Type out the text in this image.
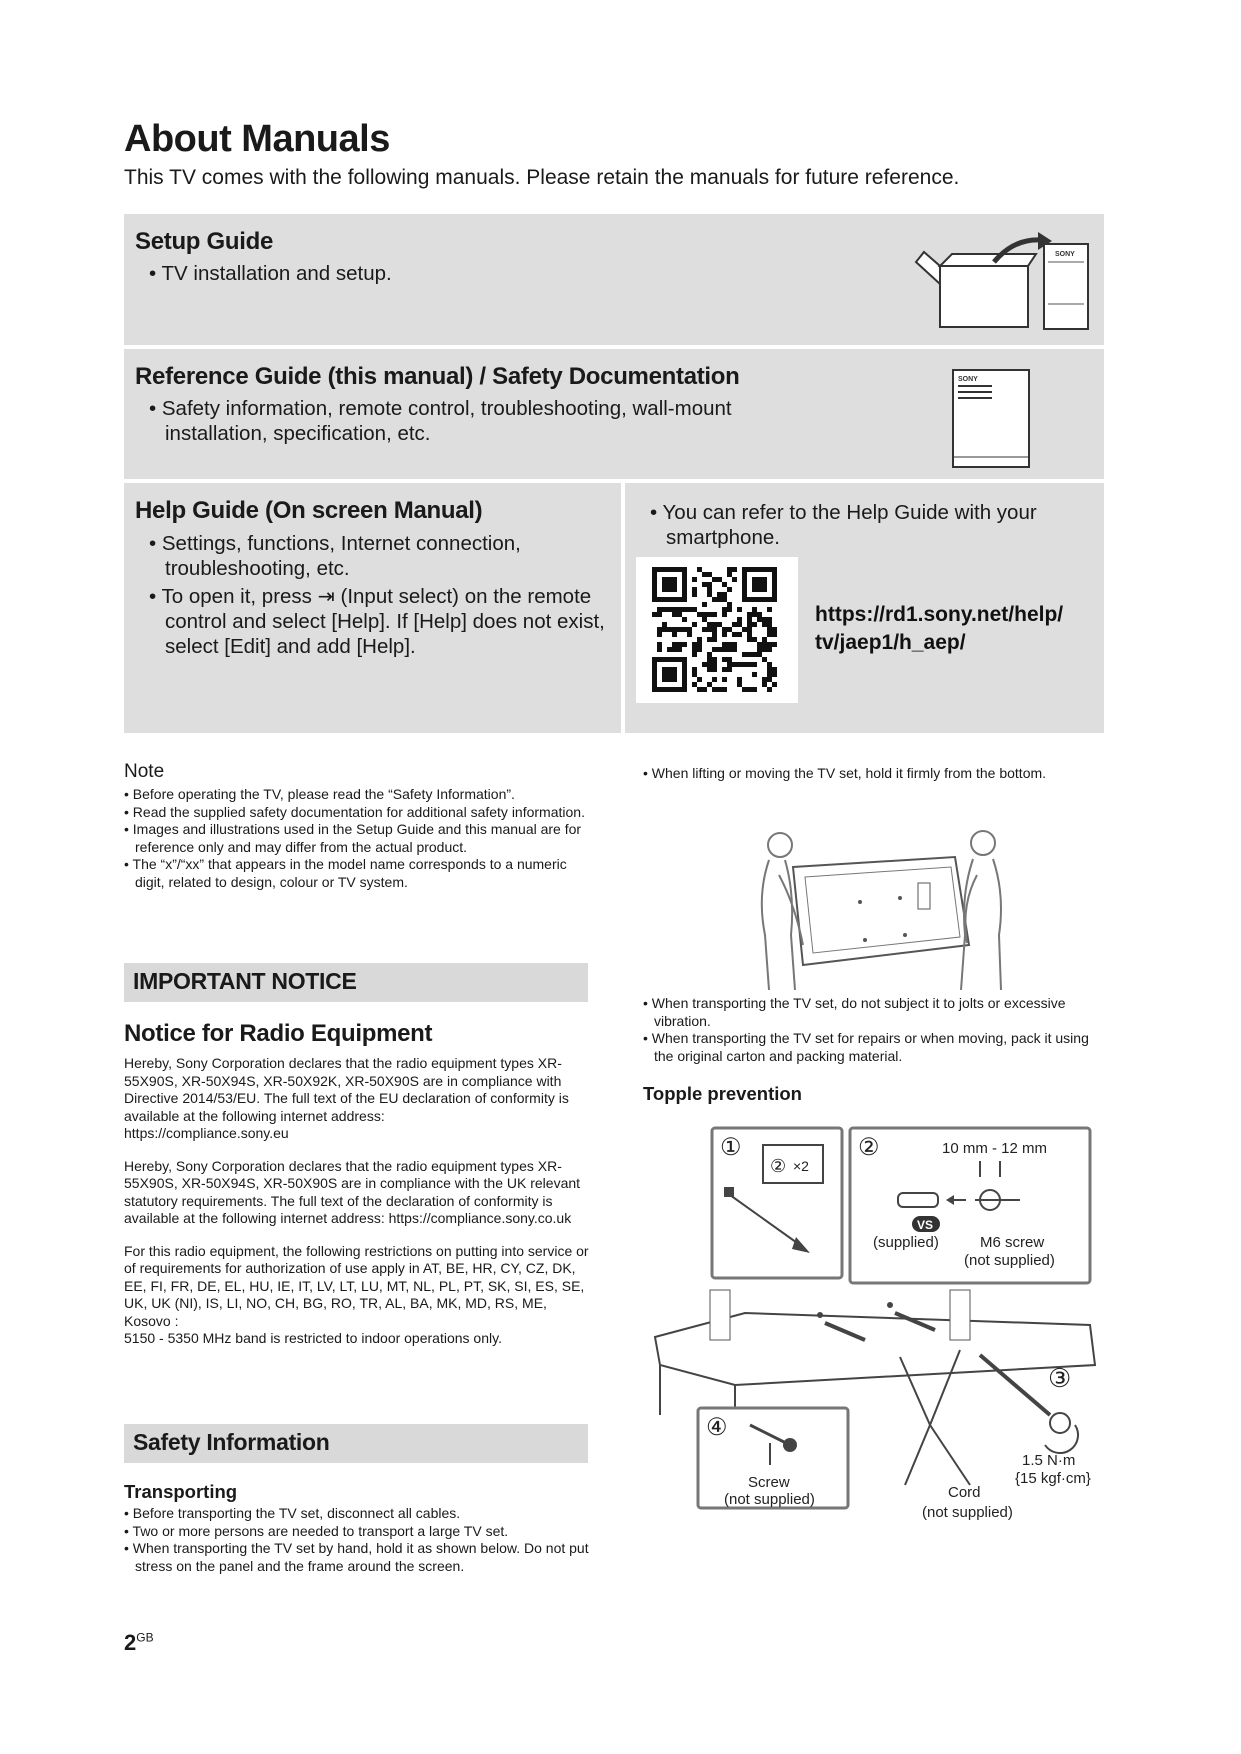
About Manuals
This TV comes with the following manuals. Please retain the manuals for future reference.
Setup Guide

• TV installation and setup.

SONY
Reference Guide (this manual) / Safety Documentation

• Safety information, remote control, troubleshooting, wall-mount installation, specification, etc.

SONY
Help Guide (On screen Manual)

• Settings, functions, Internet connection, troubleshooting, etc.

• To open it, press ⇥ (Input select) on the remote control and select [Help]. If [Help] does not exist, select [Edit] and add [Help].

• You can refer to the Help Guide with your smartphone.

https://rd1.sony.net/help/ tv/jaep1/h_aep/
Note

• Before operating the TV, please read the “Safety Information”.

• Read the supplied safety documentation for additional safety information.

• Images and illustrations used in the Setup Guide and this manual are for reference only and may differ from the actual product.

• The “x”/“xx” that appears in the model name corresponds to a numeric digit, related to design, colour or TV system.

IMPORTANT NOTICE
Notice for Radio Equipment

Hereby, Sony Corporation declares that the radio equipment types XR-55X90S, XR-50X94S, XR-50X92K, XR-50X90S are in compliance with Directive 2014/53/EU. The full text of the EU declaration of conformity is available at the following internet address:

https://compliance.sony.eu

Hereby, Sony Corporation declares that the radio equipment types XR-55X90S, XR-50X94S, XR-50X90S are in compliance with the UK relevant statutory requirements. The full text of the declaration of conformity is available at the following internet address: https://compliance.sony.co.uk

For this radio equipment, the following restrictions on putting into service or of requirements for authorization of use apply in AT, BE, HR, CY, CZ, DK, EE, FI, FR, DE, EL, HU, IE, IT, LV, LT, LU, MT, NL, PL, PT, SK, SI, ES, SE, UK, UK (NI), IS, LI, NO, CH, BG, RO, TR, AL, BA, MK, MD, RS, ME, Kosovo :

5150 - 5350 MHz band is restricted to indoor operations only.

Safety Information
Transporting

• Before transporting the TV set, disconnect all cables.

• Two or more persons are needed to transport a large TV set.

• When transporting the TV set by hand, hold it as shown below. Do not put stress on the panel and the frame around the screen.

• When lifting or moving the TV set, hold it firmly from the bottom.

• When transporting the TV set, do not subject it to jolts or excessive vibration.

• When transporting the TV set for repairs or when moving, pack it using the original carton and packing material.

Topple prevention
①
② ×2
②	10 mm - 12 mm
VS
(supplied)	M6 screw
(not supplied)
③
1.5 N·m
{15 kgf·cm}
④
Screw
(not supplied)	Cord
(not supplied)
$2^{GB}$
